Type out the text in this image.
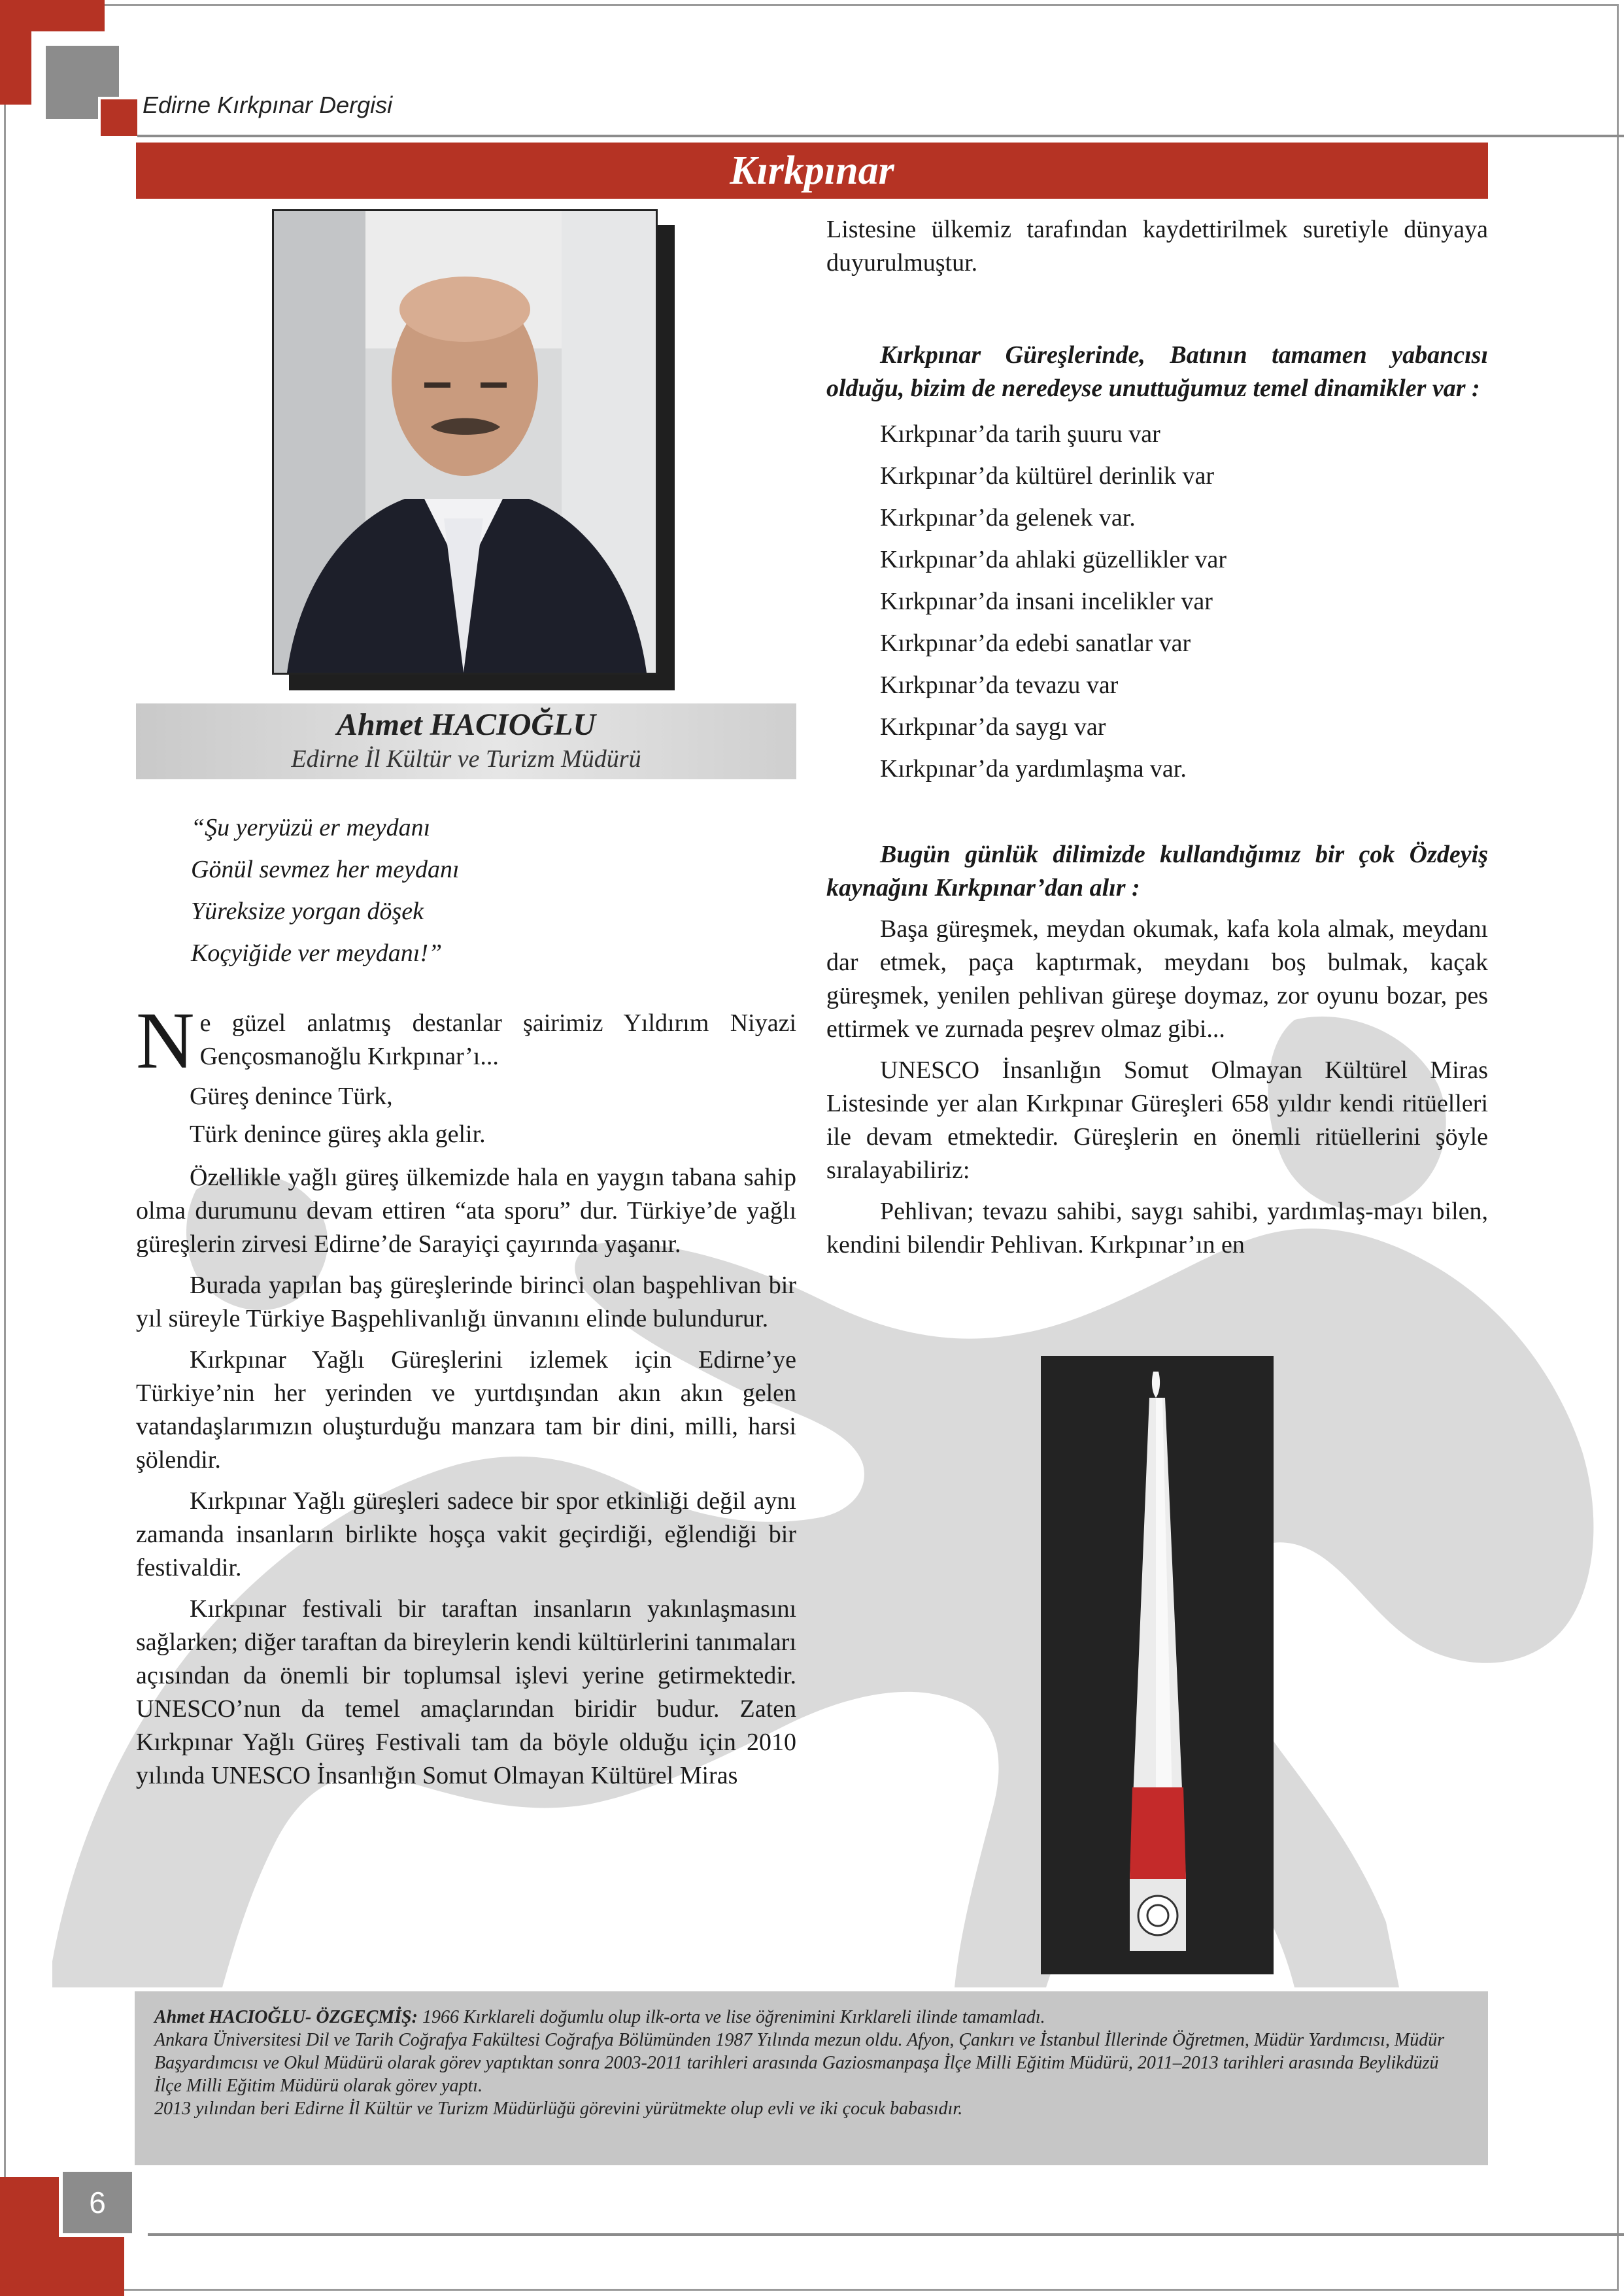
Edirne Kırkpınar Dergisi
Kırkpınar
Ahmet HACIOĞLU
Edirne İl Kültür ve Turizm Müdürü
“Şu yeryüzü er meydanı
Gönül sevmez her meydanı
Yüreksize yorgan döşek
Koçyiğide ver meydanı!”

Ne güzel anlatmış destanlar şairimiz Yıldırım Niyazi Gençosmanoğlu Kırkpınar’ı...

Güreş denince Türk,

Türk denince güreş akla gelir.

Özellikle yağlı güreş ülkemizde hala en yaygın tabana sahip olma durumunu devam ettiren “ata sporu” dur. Türkiye’de yağlı güreşlerin zirvesi Edirne’de Sarayiçi çayırında yaşanır.

Burada yapılan baş güreşlerinde birinci olan başpehlivan bir yıl süreyle Türkiye Başpehlivanlığı ünvanını elinde bulundurur.

Kırkpınar Yağlı Güreşlerini izlemek için Edirne’ye Türkiye’nin her yerinden ve yurtdışından akın akın gelen vatandaşlarımızın oluşturduğu manzara tam bir dini, milli, harsi şölendir.

Kırkpınar Yağlı güreşleri sadece bir spor etkinliği değil aynı zamanda insanların birlikte hoşça vakit geçirdiği, eğlendiği bir festivaldir.

Kırkpınar festivali bir taraftan insanların yakınlaşmasını sağlarken; diğer taraftan da bireylerin kendi kültürlerini tanımaları açısından da önemli bir toplumsal işlevi yerine getirmektedir. UNESCO’nun da temel amaçlarından biridir budur. Zaten Kırkpınar Yağlı Güreş Festivali tam da böyle olduğu için 2010 yılında UNESCO İnsanlığın Somut Olmayan Kültürel Miras

Listesine ülkemiz tarafından kaydettirilmek suretiyle dünyaya duyurulmuştur.

Kırkpınar Güreşlerinde, Batının tamamen yabancısı olduğu, bizim de neredeyse unuttuğumuz temel dinamikler var :

Kırkpınar’da tarih şuuru var
Kırkpınar’da kültürel derinlik var
Kırkpınar’da gelenek var.
Kırkpınar’da ahlaki güzellikler var
Kırkpınar’da insani incelikler var
Kırkpınar’da edebi sanatlar var
Kırkpınar’da tevazu var
Kırkpınar’da saygı var
Kırkpınar’da yardımlaşma var.

Bugün günlük dilimizde kullandığımız bir çok Özdeyiş kaynağını Kırkpınar’dan alır :

Başa güreşmek, meydan okumak, kafa kola almak, meydanı dar etmek, paça kaptırmak, meydanı boş bulmak, kaçak güreşmek, yenilen pehlivan güreşe doymaz, zor oyunu bozar, pes ettirmek ve zurnada peşrev olmaz gibi...

UNESCO İnsanlığın Somut Olmayan Kültürel Miras Listesinde yer alan Kırkpınar Güreşleri 658 yıldır kendi ritüelleri ile devam etmektedir. Güreşlerin en önemli ritüellerini şöyle sıralayabiliriz:

Pehlivan; tevazu sahibi, saygı sahibi, yardımlaş-mayı bilen, kendini bilendir Pehlivan. Kırkpınar’ın en

Ahmet HACIOĞLU- ÖZGEÇMİŞ: 1966 Kırklareli doğumlu olup ilk-orta ve lise öğrenimini Kırklareli ilinde tamamladı.
Ankara Üniversitesi Dil ve Tarih Coğrafya Fakültesi Coğrafya Bölümünden 1987 Yılında mezun oldu. Afyon, Çankırı ve İstanbul İllerinde Öğretmen, Müdür Yardımcısı, Müdür Başyardımcısı ve Okul Müdürü olarak görev yaptıktan sonra 2003-2011 tarihleri arasında Gaziosmanpaşa İlçe Milli Eğitim Müdürü, 2011–2013 tarihleri arasında Beylikdüzü İlçe Milli Eğitim Müdürü olarak görev yaptı.
2013 yılından beri Edirne İl Kültür ve Turizm Müdürlüğü görevini yürütmekte olup evli ve iki çocuk babasıdır.
6
